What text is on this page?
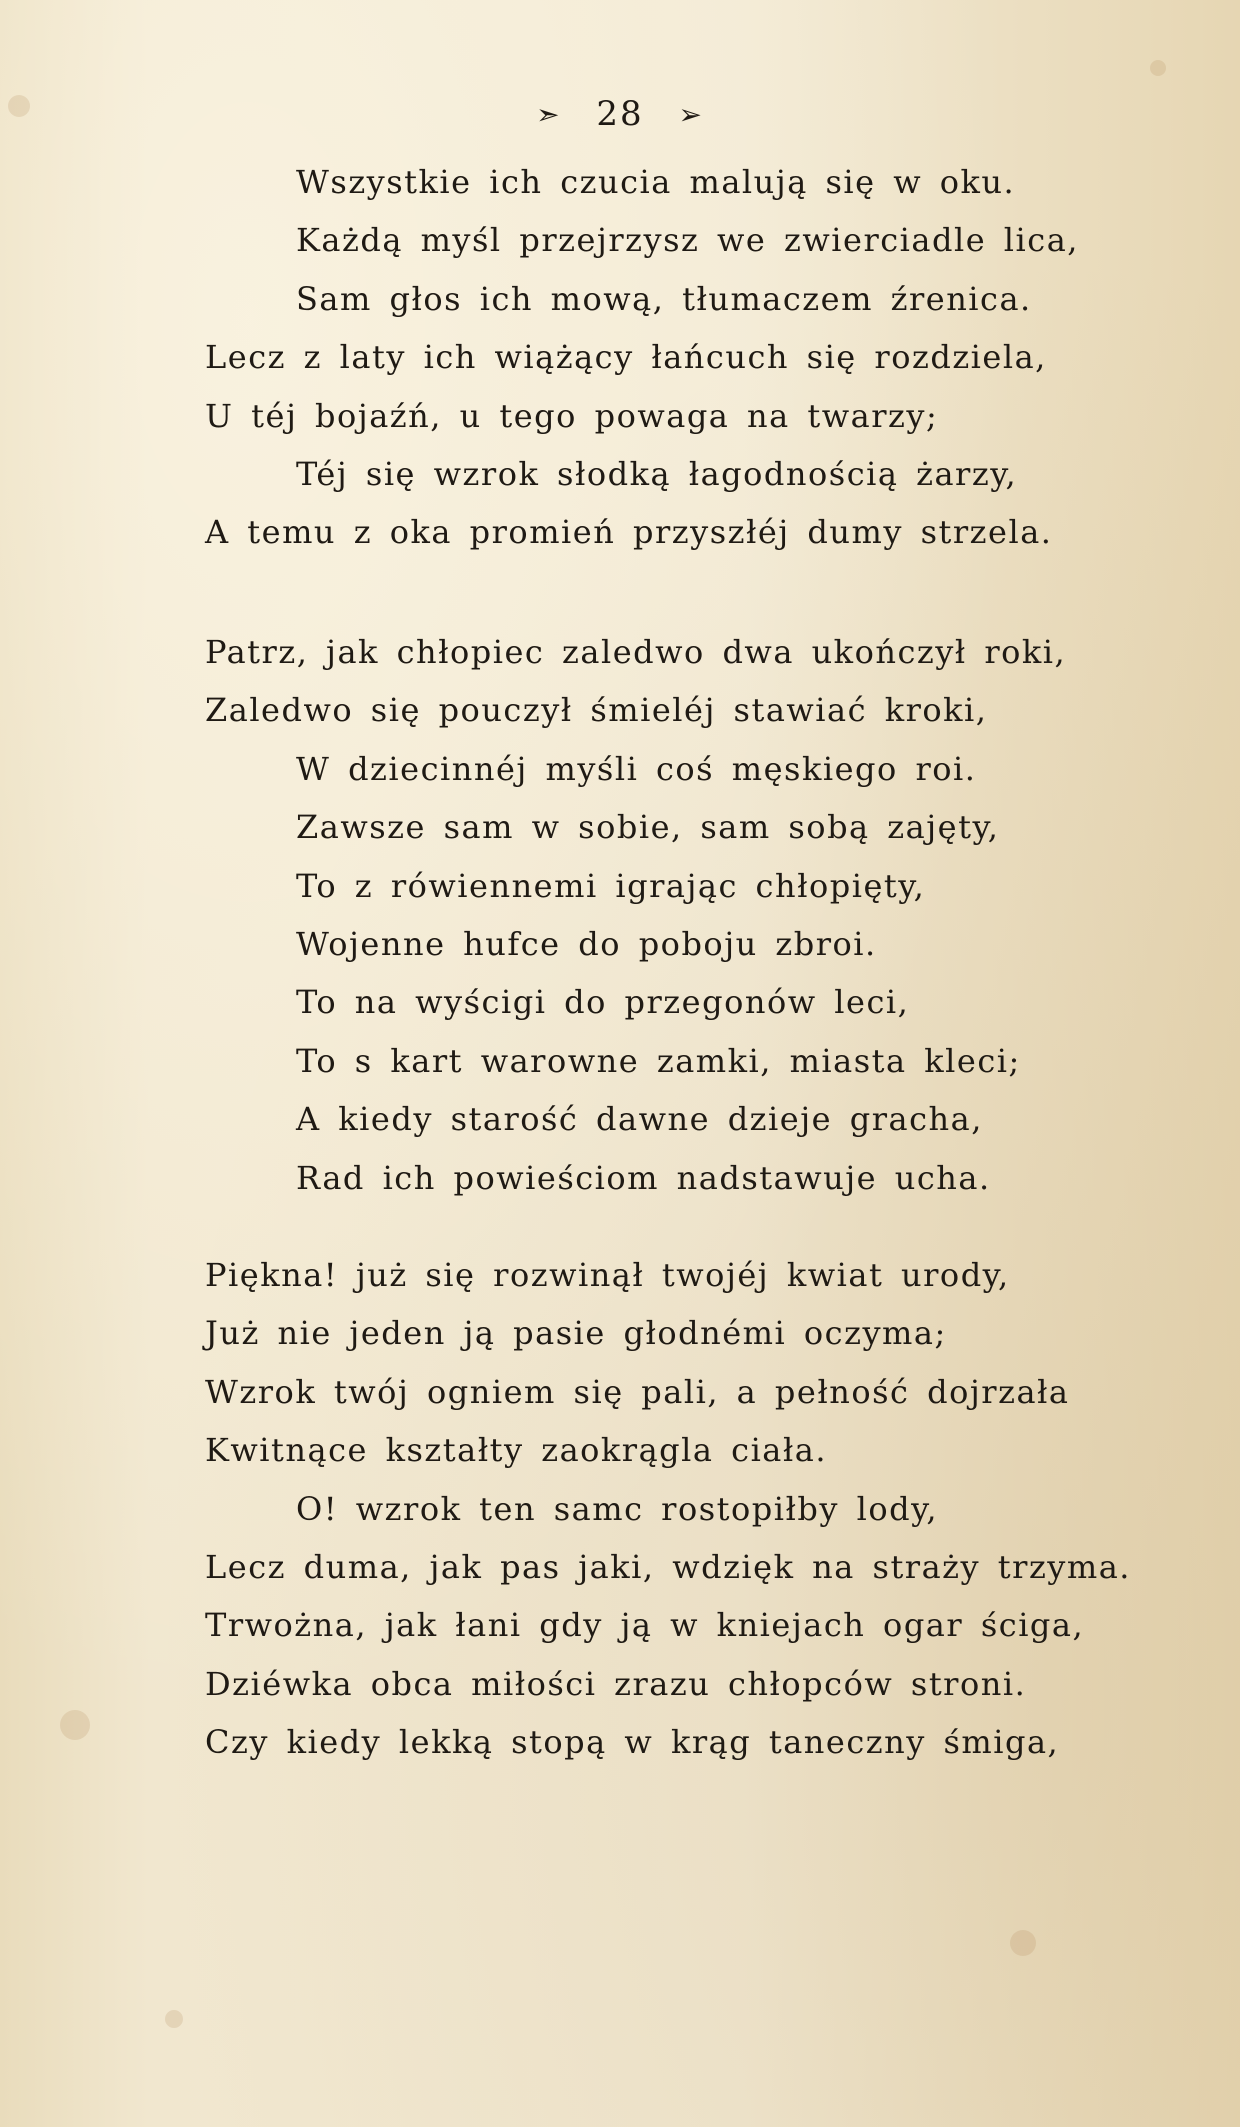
➣ 28 ➢
Wszystkie ich czucia malują się w oku.
Każdą myśl przejrzysz we zwierciadle lica,
Sam głos ich mową, tłumaczem źrenica.
Lecz z laty ich wiążący łańcuch się rozdziela,
U téj bojaźń, u tego powaga na twarzy;
Téj się wzrok słodką łagodnością żarzy,
A temu z oka promień przyszłéj dumy strzela.
Patrz, jak chłopiec zaledwo dwa ukończył roki,
Zaledwo się pouczył śmieléj stawiać kroki,
W dziecinnéj myśli coś męskiego roi.
Zawsze sam w sobie, sam sobą zajęty,
To z rówiennemi igrając chłopięty,
Wojenne hufce do poboju zbroi.
To na wyścigi do przegonów leci,
To s kart warowne zamki, miasta kleci;
A kiedy starość dawne dzieje gracha,
Rad ich powieściom nadstawuje ucha.
Piękna! już się rozwinął twojéj kwiat urody,
Już nie jeden ją pasie głodnémi oczyma;
Wzrok twój ogniem się pali, a pełność dojrzała
Kwitnące kształty zaokrągla ciała.
O! wzrok ten samc rostopiłby lody,
Lecz duma, jak pas jaki, wdzięk na straży trzyma.
Trwożna, jak łani gdy ją w kniejach ogar ściga,
Dziéwka obca miłości zrazu chłopców stroni.
Czy kiedy lekką stopą w krąg taneczny śmiga,
